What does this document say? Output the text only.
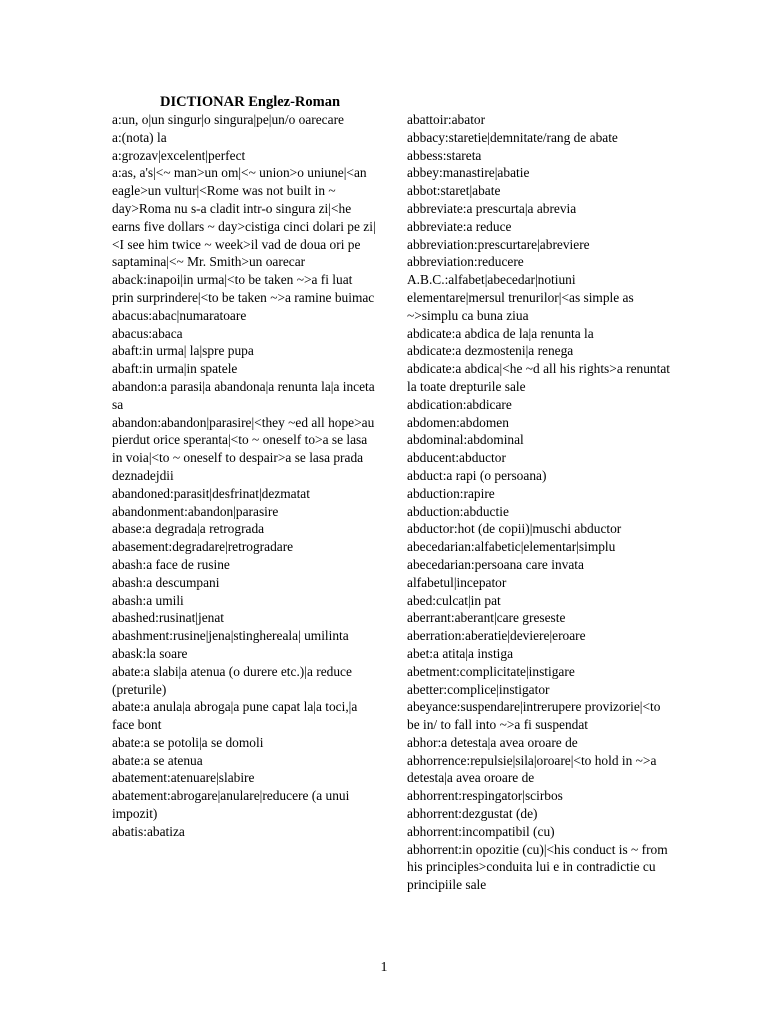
DICTIONAR Englez-Roman

a:un, o|un singur|o singura|pe|un/o oarecare

a:(nota) la

a:grozav|excelent|perfect

a:as, a's|<~ man>un om|<~ union>o uniune|<an eagle>un vultur|<Rome was not built in ~ day>Roma nu s-a cladit intr-o singura zi|<he earns five dollars ~ day>cistiga cinci dolari pe zi|<I see him twice ~ week>il vad de doua ori pe saptamina|<~ Mr. Smith>un oarecar

aback:inapoi|in urma|<to be taken ~>a fi luat prin surprindere|<to be taken ~>a ramine buimac

abacus:abac|numaratoare

abacus:abaca

abaft:in urma| la|spre pupa

abaft:in urma|in spatele

abandon:a parasi|a abandona|a renunta la|a inceta sa

abandon:abandon|parasire|<they ~ed all hope>au pierdut orice speranta|<to ~ oneself to>a se lasa in voia|<to ~ oneself to despair>a se lasa prada deznadejdii

abandoned:parasit|desfrinat|dezmatat

abandonment:abandon|parasire

abase:a degrada|a retrograda

abasement:degradare|retrogradare

abash:a face de rusine

abash:a descumpani

abash:a umili

abashed:rusinat|jenat

abashment:rusine|jena|stinghereala| umilinta

abask:la soare

abate:a slabi|a atenua (o durere etc.)|a reduce (preturile)

abate:a anula|a abroga|a pune capat la|a toci,|a face bont

abate:a se potoli|a se domoli

abate:a se atenua

abatement:atenuare|slabire

abatement:abrogare|anulare|reducere (a unui impozit)

abatis:abatiza

abattoir:abator

abbacy:staretie|demnitate/rang de abate

abbess:stareta

abbey:manastire|abatie

abbot:staret|abate

abbreviate:a prescurta|a abrevia

abbreviate:a reduce

abbreviation:prescurtare|abreviere

abbreviation:reducere

A.B.C.:alfabet|abecedar|notiuni elementare|mersul trenurilor|<as simple as ~>simplu ca buna ziua

abdicate:a abdica de la|a renunta la

abdicate:a dezmosteni|a renega

abdicate:a abdica|<he ~d all his rights>a renuntat la toate drepturile sale

abdication:abdicare

abdomen:abdomen

abdominal:abdominal

abducent:abductor

abduct:a rapi (o persoana)

abduction:rapire

abduction:abductie

abductor:hot (de copii)|muschi abductor

abecedarian:alfabetic|elementar|simplu

abecedarian:persoana care invata alfabetul|incepator

abed:culcat|in pat

aberrant:aberant|care greseste

aberration:aberatie|deviere|eroare

abet:a atita|a instiga

abetment:complicitate|instigare

abetter:complice|instigator

abeyance:suspendare|intrerupere provizorie|<to be in/ to fall into ~>a fi suspendat

abhor:a detesta|a avea oroare de

abhorrence:repulsie|sila|oroare|<to hold in ~>a detesta|a avea oroare de

abhorrent:respingator|scirbos

abhorrent:dezgustat (de)

abhorrent:incompatibil (cu)

abhorrent:in opozitie (cu)|<his conduct is ~ from his principles>conduita lui e in contradictie cu principiile sale

1
